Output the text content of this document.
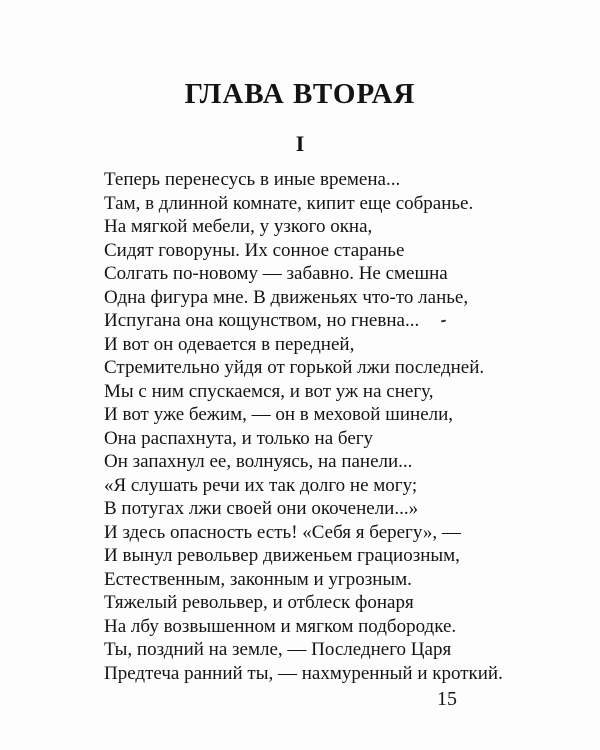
ГЛАВА ВТОРАЯ
I
Теперь перенесусь в иные времена...
Там, в длинной комнате, кипит еще собранье.
На мягкой мебели, у узкого окна,
Сидят говоруны. Их сонное старанье
Солгать по-новому — забавно. Не смешна
Одна фигура мне. В движеньях что-то ланье,
Испугана она кощунством, но гневна...
И вот он одевается в передней,
Стремительно уйдя от горькой лжи последней.
Мы с ним спускаемся, и вот уж на снегу,
И вот уже бежим, — он в меховой шинели,
Она распахнута, и только на бегу
Он запахнул ее, волнуясь, на панели...
«Я слушать речи их так долго не могу;
В потугах лжи своей они окоченели...»
И здесь опасность есть! «Себя я берегу», —
И вынул револьвер движеньем грациозным,
Естественным, законным и угрозным.
Тяжелый револьвер, и отблеск фонаря
На лбу возвышенном и мягком подбородке.
Ты, поздний на земле, — Последнего Царя
Предтеча ранний ты, — нахмуренный и кроткий.
15
